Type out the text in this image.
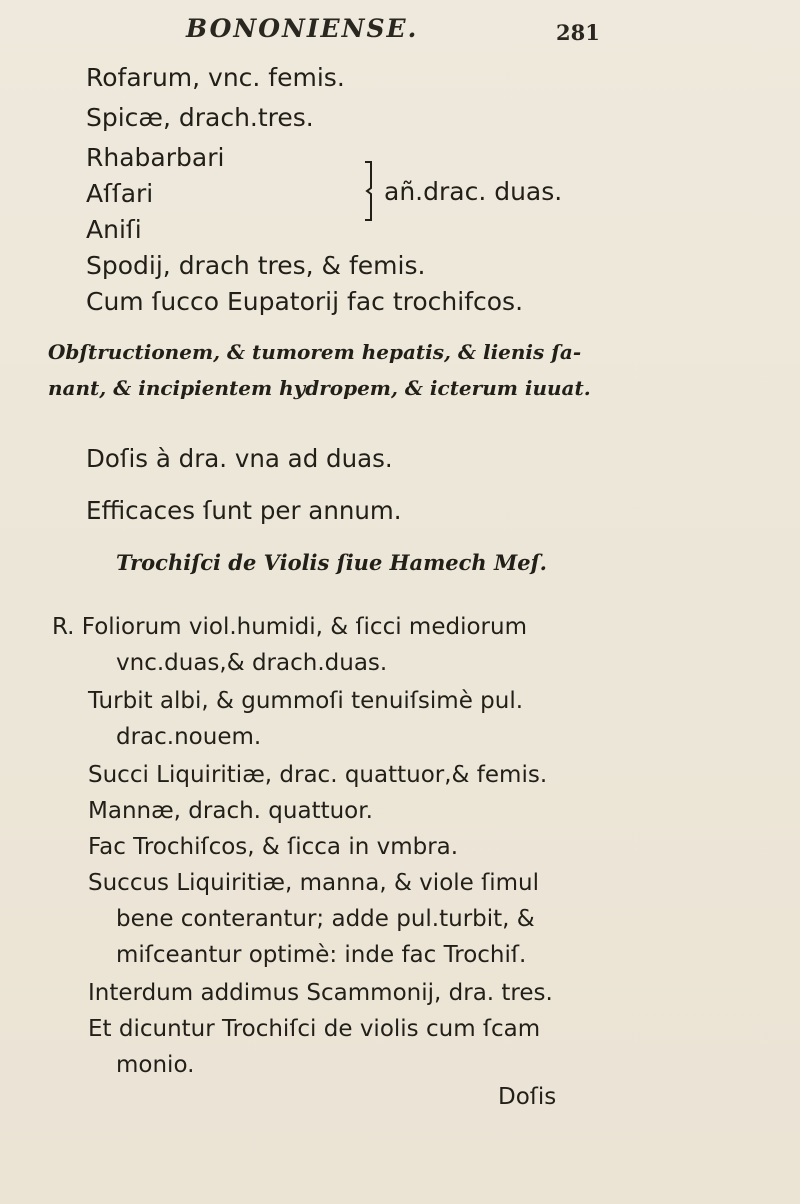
BONONIENSE.	281
Rofarum, vnc. femis.
Spicæ, drach.tres.
Rhabarbari
Aſſari
Aniſi
añ.drac. duas.
Spodij, drach tres, & femis.
Cum ſucco Eupatorij fac trochifcos.
Obſtructionem, & tumorem hepatis, & lienis ſa-
nant, & incipientem hydropem, & icterum iuuat.
Doſis à dra. vna ad duas.
Efficaces ſunt per annum.
Trochiſci de Violis ſiue Hamech Meſ.
R. Foliorum viol.humidi, & ſicci mediorum
vnc.duas,& drach.duas.
Turbit albi, & gummoſi tenuiſsimè pul.
drac.nouem.
Succi Liquiritiæ, drac. quattuor,& femis.
Mannæ, drach. quattuor.
Fac Trochiſcos, & ſicca in vmbra.
Succus Liquiritiæ, manna, & viole ſimul
bene conterantur; adde pul.turbit, &
miſceantur optimè: inde fac Trochiſ.
Interdum addimus Scammonij, dra. tres.
Et dicuntur Trochiſci de violis cum ſcam
monio.
Doſis
